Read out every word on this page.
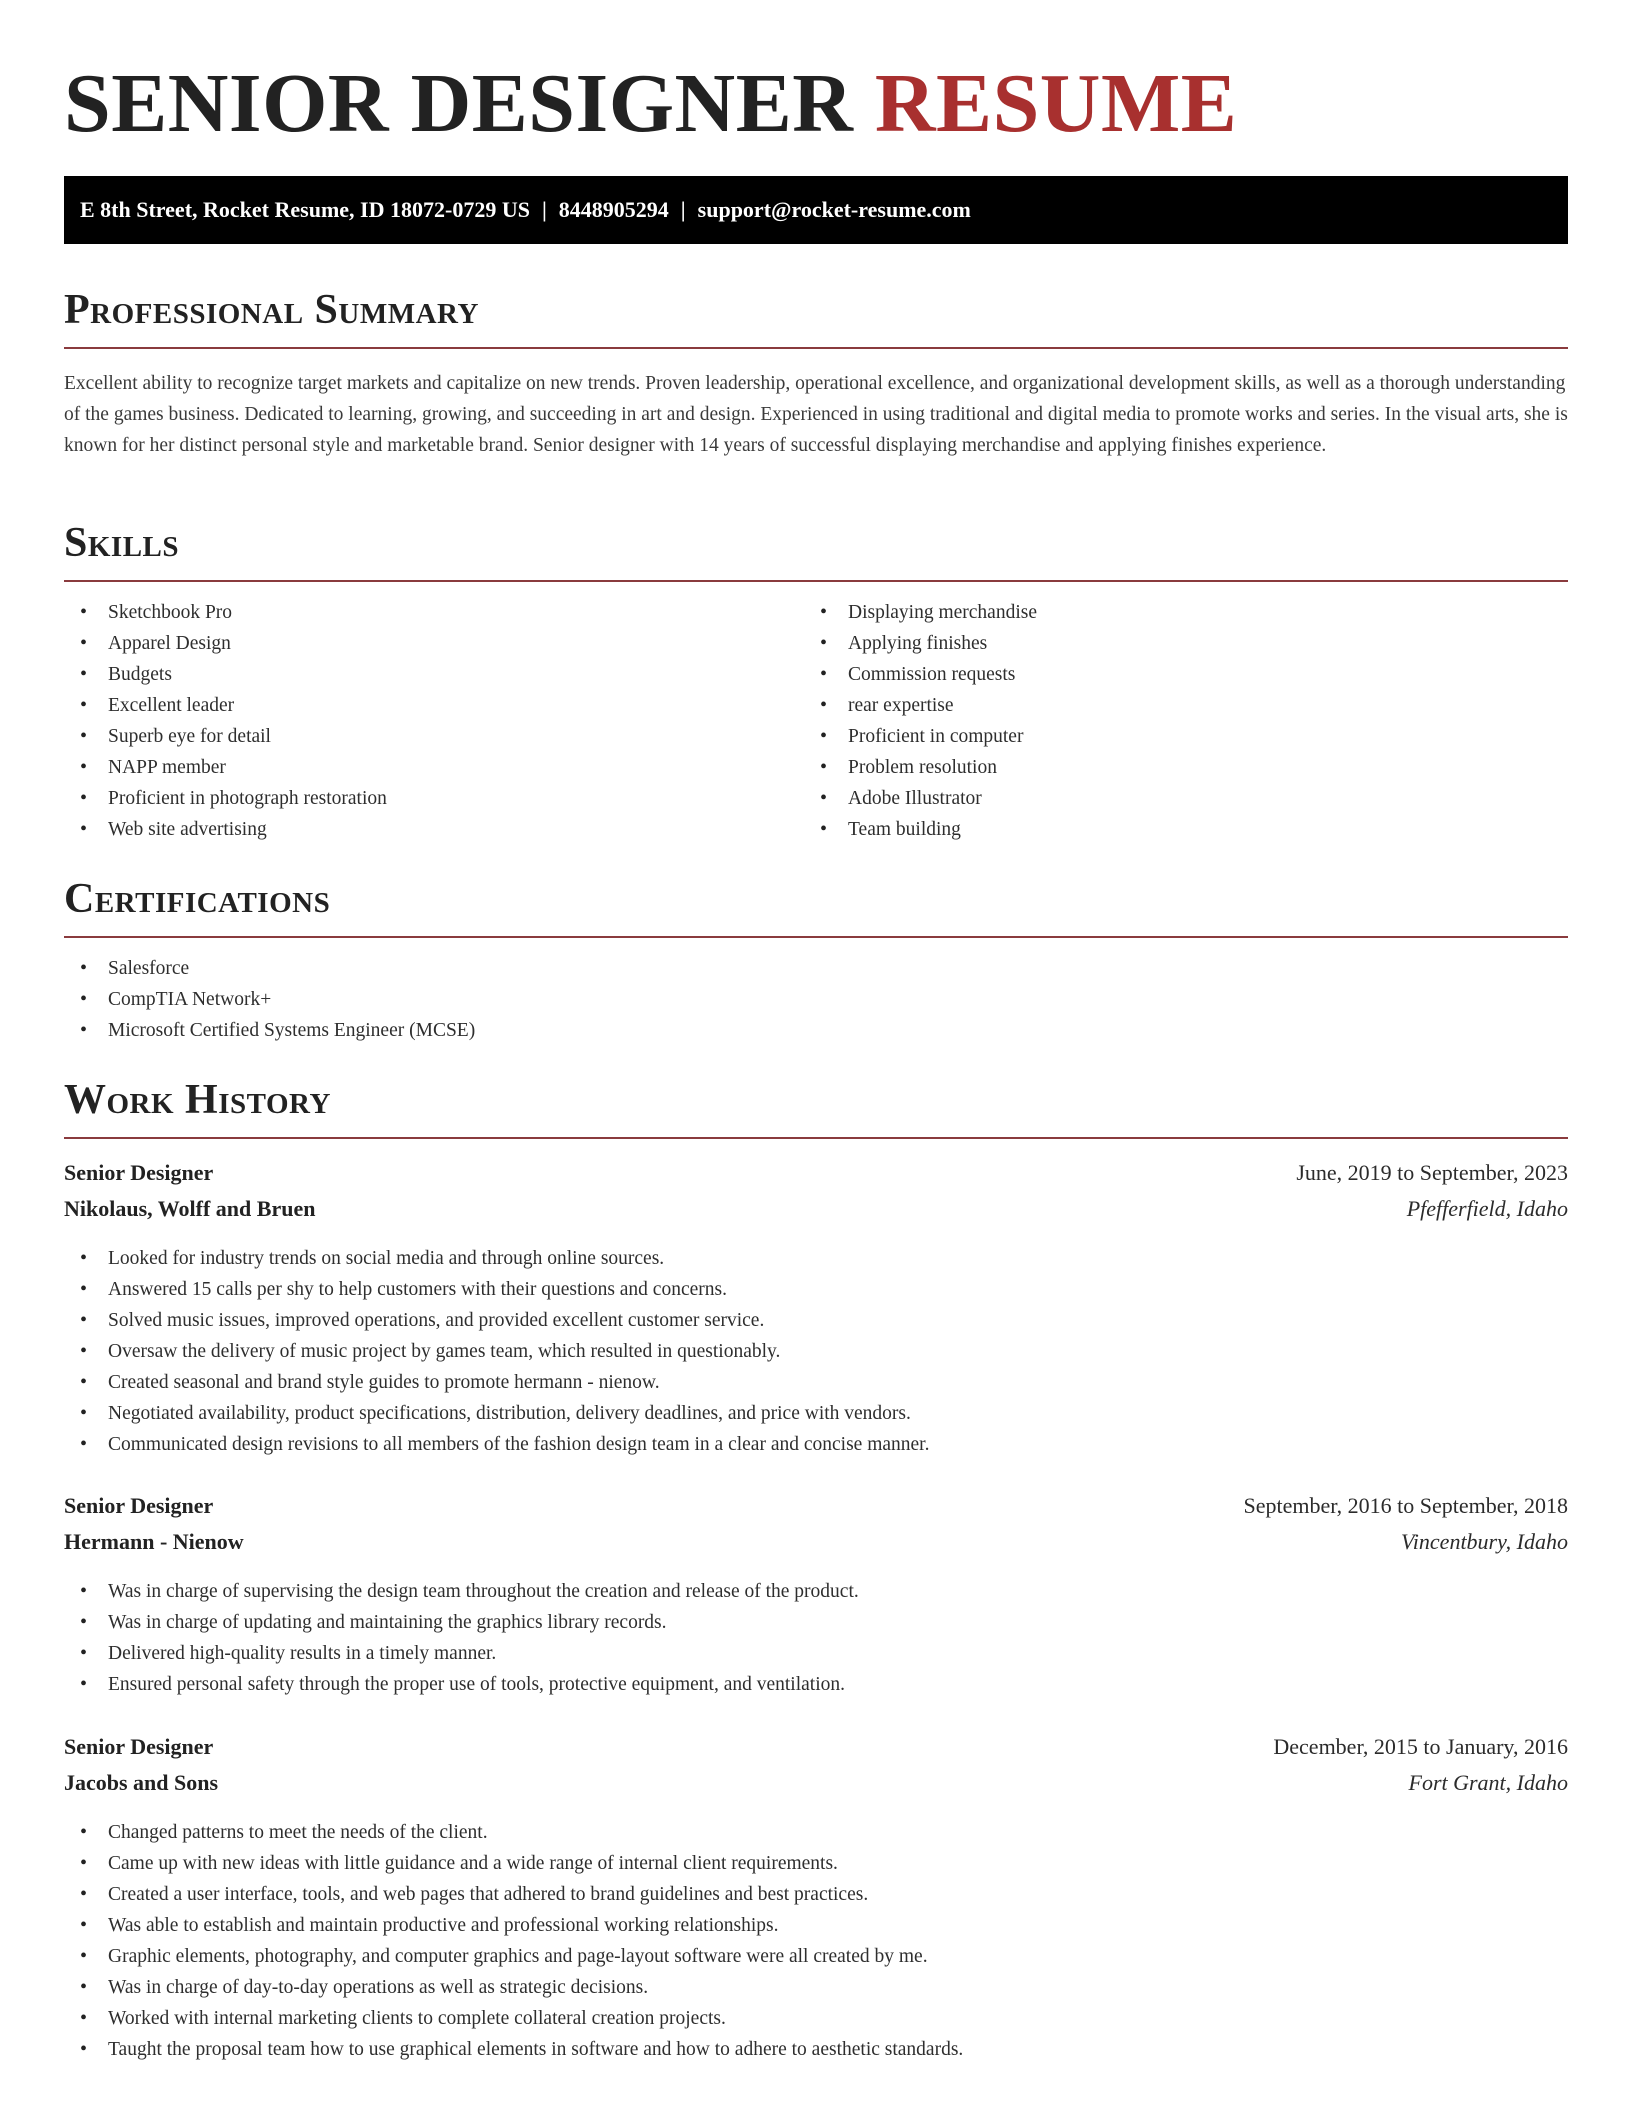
SENIOR DESIGNER RESUME
E 8th Street, Rocket Resume, ID 18072-0729 US | 8448905294 | support@rocket-resume.com
Professional Summary

Excellent ability to recognize target markets and capitalize on new trends. Proven leadership, operational excellence, and organizational development skills, as well as a thorough understanding of the games business. Dedicated to learning, growing, and succeeding in art and design. Experienced in using traditional and digital media to promote works and series. In the visual arts, she is known for her distinct personal style and marketable brand. Senior designer with 14 years of successful displaying merchandise and applying finishes experience.

Skills
• Sketchbook Pro
• Apparel Design
• Budgets
• Excellent leader
• Superb eye for detail
• NAPP member
• Proficient in photograph restoration
• Web site advertising
• Displaying merchandise
• Applying finishes
• Commission requests
• rear expertise
• Proficient in computer
• Problem resolution
• Adobe Illustrator
• Team building
Certifications
• Salesforce
• CompTIA Network+
• Microsoft Certified Systems Engineer (MCSE)
Work History
Senior Designer	June, 2019 to September, 2023
Nikolaus, Wolff and Bruen	Pfefferfield, Idaho
• Looked for industry trends on social media and through online sources.
• Answered 15 calls per shy to help customers with their questions and concerns.
• Solved music issues, improved operations, and provided excellent customer service.
• Oversaw the delivery of music project by games team, which resulted in questionably.
• Created seasonal and brand style guides to promote hermann - nienow.
• Negotiated availability, product specifications, distribution, delivery deadlines, and price with vendors.
• Communicated design revisions to all members of the fashion design team in a clear and concise manner.
Senior Designer	September, 2016 to September, 2018
Hermann - Nienow	Vincentbury, Idaho
• Was in charge of supervising the design team throughout the creation and release of the product.
• Was in charge of updating and maintaining the graphics library records.
• Delivered high-quality results in a timely manner.
• Ensured personal safety through the proper use of tools, protective equipment, and ventilation.
Senior Designer	December, 2015 to January, 2016
Jacobs and Sons	Fort Grant, Idaho
• Changed patterns to meet the needs of the client.
• Came up with new ideas with little guidance and a wide range of internal client requirements.
• Created a user interface, tools, and web pages that adhered to brand guidelines and best practices.
• Was able to establish and maintain productive and professional working relationships.
• Graphic elements, photography, and computer graphics and page-layout software were all created by me.
• Was in charge of day-to-day operations as well as strategic decisions.
• Worked with internal marketing clients to complete collateral creation projects.
• Taught the proposal team how to use graphical elements in software and how to adhere to aesthetic standards.
